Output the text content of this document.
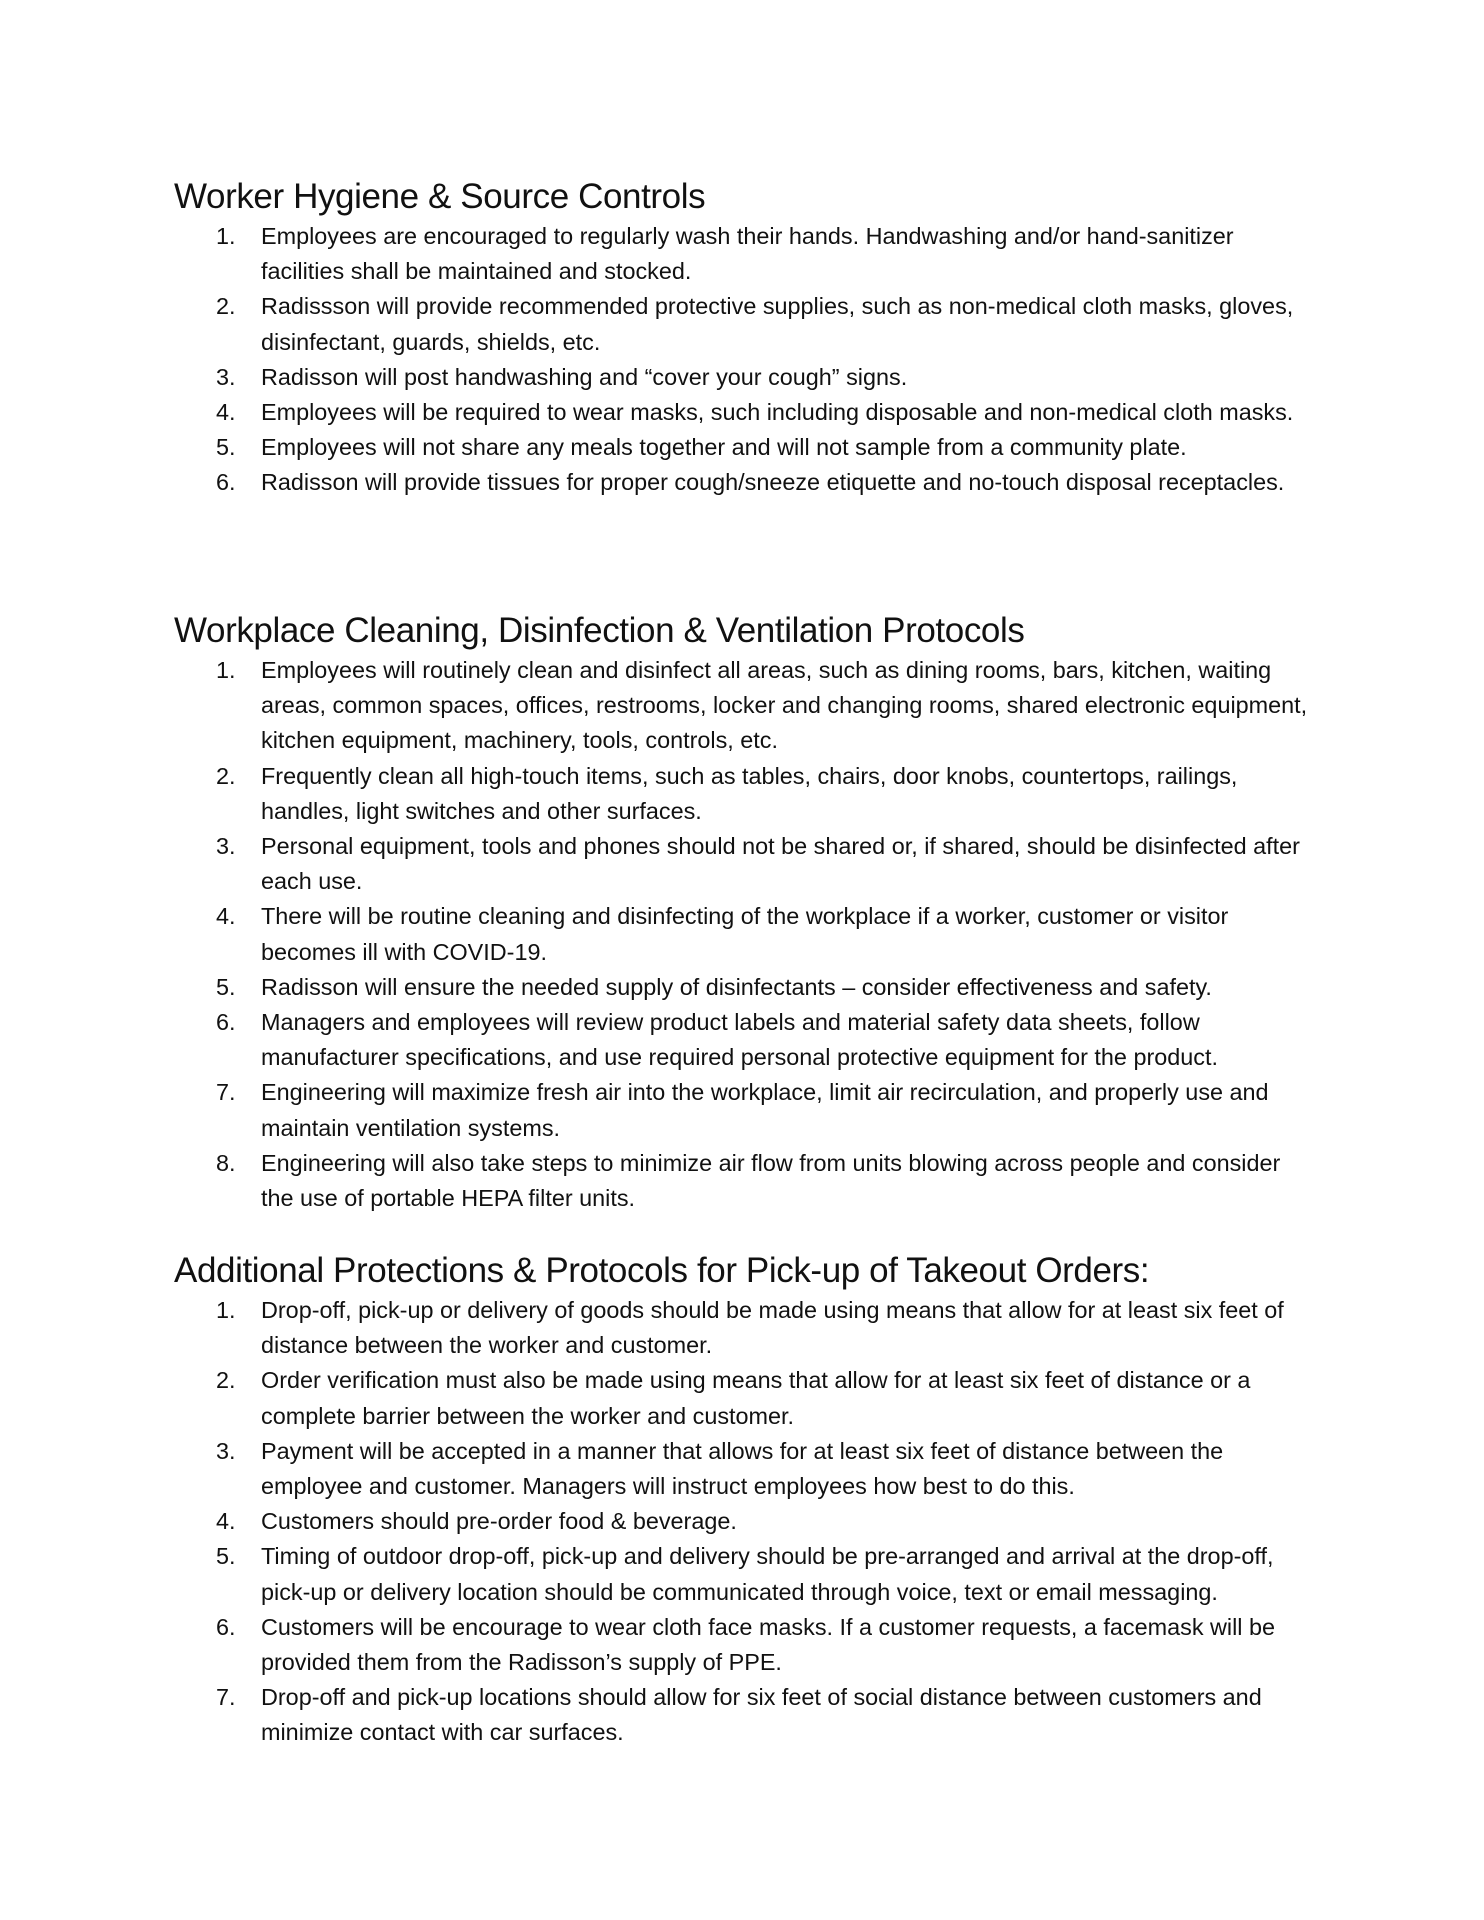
Worker Hygiene & Source Controls
1. Employees are encouraged to regularly wash their hands. Handwashing and/or hand-sanitizer facilities shall be maintained and stocked.
2. Radissson will provide recommended protective supplies, such as non-medical cloth masks, gloves, disinfectant, guards, shields, etc.
3. Radisson will post handwashing and “cover your cough” signs.
4. Employees will be required to wear masks, such including disposable and non-medical cloth masks.
5. Employees will not share any meals together and will not sample from a community plate.
6. Radisson will provide tissues for proper cough/sneeze etiquette and no-touch disposal receptacles.
Workplace Cleaning, Disinfection & Ventilation Protocols
1. Employees will routinely clean and disinfect all areas, such as dining rooms, bars, kitchen, waiting areas, common spaces, offices, restrooms, locker and changing rooms, shared electronic equipment, kitchen equipment, machinery, tools, controls, etc.
2. Frequently clean all high-touch items, such as tables, chairs, door knobs, countertops, railings, handles, light switches and other surfaces.
3. Personal equipment, tools and phones should not be shared or, if shared, should be disinfected after each use.
4. There will be routine cleaning and disinfecting of the workplace if a worker, customer or visitor becomes ill with COVID-19.
5. Radisson will ensure the needed supply of disinfectants – consider effectiveness and safety.
6. Managers and employees will review product labels and material safety data sheets, follow manufacturer specifications, and use required personal protective equipment for the product.
7. Engineering will maximize fresh air into the workplace, limit air recirculation, and properly use and maintain ventilation systems.
8. Engineering will also take steps to minimize air flow from units blowing across people and consider the use of portable HEPA filter units.
Additional Protections & Protocols for Pick-up of Takeout Orders:
1. Drop-off, pick-up or delivery of goods should be made using means that allow for at least six feet of distance between the worker and customer.
2. Order verification must also be made using means that allow for at least six feet of distance or a complete barrier between the worker and customer.
3. Payment will be accepted in a manner that allows for at least six feet of distance between the employee and customer. Managers will instruct employees how best to do this.
4. Customers should pre-order food & beverage.
5. Timing of outdoor drop-off, pick-up and delivery should be pre-arranged and arrival at the drop-off, pick-up or delivery location should be communicated through voice, text or email messaging.
6. Customers will be encourage to wear cloth face masks. If a customer requests, a facemask will be provided them from the Radisson’s supply of PPE.
7. Drop-off and pick-up locations should allow for six feet of social distance between customers and minimize contact with car surfaces.
